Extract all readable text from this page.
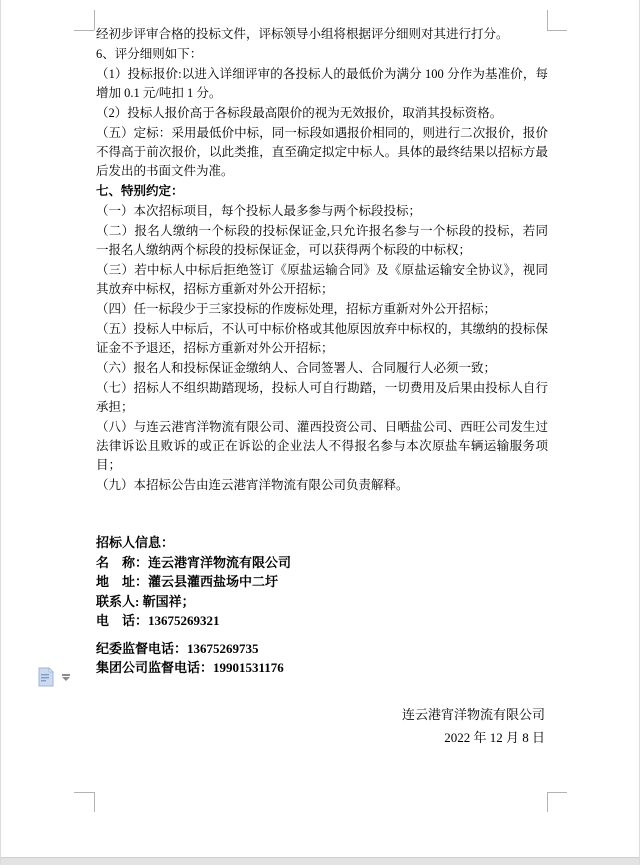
经初步评审合格的投标文件，评标领导小组将根据评分细则对其进行打分。

6、评分细则如下：

（1）投标报价:以进入详细评审的各投标人的最低价为满分 100 分作为基准价，每增加 0.1 元/吨扣 1 分。

（2）投标人报价高于各标段最高限价的视为无效报价，取消其投标资格。

（五）定标：采用最低价中标，同一标段如遇报价相同的，则进行二次报价，报价不得高于前次报价，以此类推，直至确定拟定中标人。具体的最终结果以招标方最后发出的书面文件为准。

七、特别约定：

（一）本次招标项目，每个投标人最多参与两个标段投标；

（二）报名人缴纳一个标段的投标保证金,只允许报名参与一个标段的投标，若同一报名人缴纳两个标段的投标保证金，可以获得两个标段的中标权；

（三）若中标人中标后拒绝签订《原盐运输合同》及《原盐运输安全协议》，视同其放弃中标权，招标方重新对外公开招标；

（四）任一标段少于三家投标的作废标处理，招标方重新对外公开招标；

（五）投标人中标后，不认可中标价格或其他原因放弃中标权的，其缴纳的投标保证金不予退还，招标方重新对外公开招标；

（六）报名人和投标保证金缴纳人、合同签署人、合同履行人必须一致；

（七）招标人不组织勘踏现场，投标人可自行勘踏，一切费用及后果由投标人自行承担；

（八）与连云港宵洋物流有限公司、灌西投资公司、日晒盐公司、西旺公司发生过法律诉讼且败诉的或正在诉讼的企业法人不得报名参与本次原盐车辆运输服务项目；

（九）本招标公告由连云港宵洋物流有限公司负责解释。

招标人信息：

名　称：连云港宵洋物流有限公司

地　址：灌云县灌西盐场中二圩

联系人: 靳国祥；

电　话：13675269321

纪委监督电话：13675269735

集团公司监督电话：19901531176

连云港宵洋物流有限公司

2022 年 12 月 8 日
